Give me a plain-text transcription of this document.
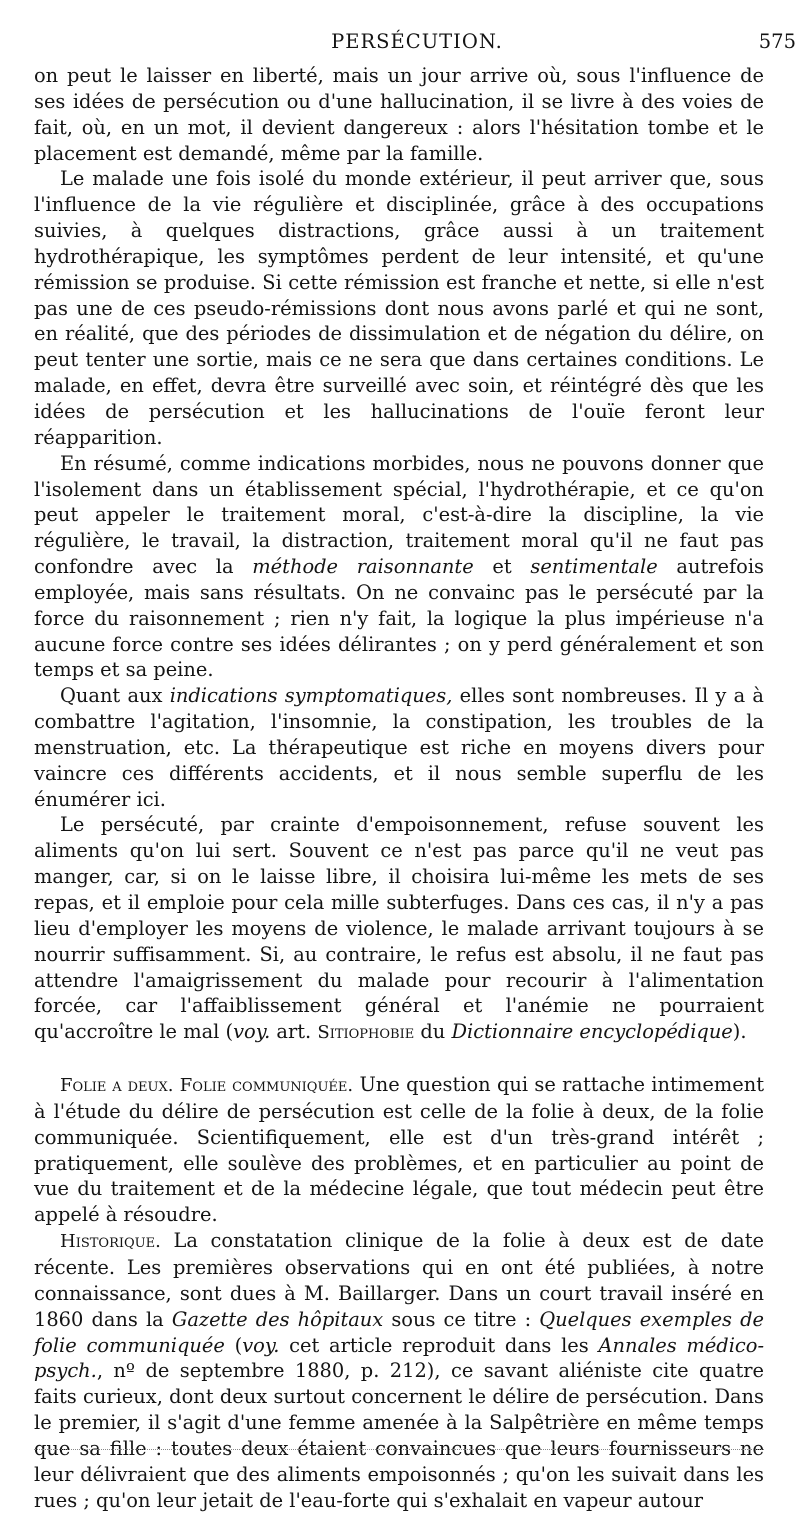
PERSÉCUTION.	575

on peut le laisser en liberté, mais un jour arrive où, sous l'influence de ses idées de persécution ou d'une hallucination, il se livre à des voies de fait, où, en un mot, il devient dangereux : alors l'hésitation tombe et le placement est demandé, même par la famille.

Le malade une fois isolé du monde extérieur, il peut arriver que, sous l'influence de la vie régulière et disciplinée, grâce à des occupations suivies, à quelques distractions, grâce aussi à un traitement hydrothérapique, les symptômes perdent de leur intensité, et qu'une rémission se produise. Si cette rémission est franche et nette, si elle n'est pas une de ces pseudo-rémissions dont nous avons parlé et qui ne sont, en réalité, que des périodes de dissimulation et de négation du délire, on peut tenter une sortie, mais ce ne sera que dans certaines conditions. Le malade, en effet, devra être surveillé avec soin, et réintégré dès que les idées de persécution et les hallucinations de l'ouïe feront leur réapparition.

En résumé, comme indications morbides, nous ne pouvons donner que l'isolement dans un établissement spécial, l'hydrothérapie, et ce qu'on peut appeler le traitement moral, c'est-à-dire la discipline, la vie régulière, le travail, la distraction, traitement moral qu'il ne faut pas confondre avec la méthode raisonnante et sentimentale autrefois employée, mais sans résultats. On ne convainc pas le persécuté par la force du raisonnement ; rien n'y fait, la logique la plus impérieuse n'a aucune force contre ses idées délirantes ; on y perd généralement et son temps et sa peine.

Quant aux indications symptomatiques, elles sont nombreuses. Il y a à combattre l'agitation, l'insomnie, la constipation, les troubles de la menstruation, etc. La thérapeutique est riche en moyens divers pour vaincre ces différents accidents, et il nous semble superflu de les énumérer ici.

Le persécuté, par crainte d'empoisonnement, refuse souvent les aliments qu'on lui sert. Souvent ce n'est pas parce qu'il ne veut pas manger, car, si on le laisse libre, il choisira lui-même les mets de ses repas, et il emploie pour cela mille subterfuges. Dans ces cas, il n'y a pas lieu d'employer les moyens de violence, le malade arrivant toujours à se nourrir suffisamment. Si, au contraire, le refus est absolu, il ne faut pas attendre l'amaigrissement du malade pour recourir à l'alimentation forcée, car l'affaiblissement général et l'anémie ne pourraient qu'accroître le mal (voy. art. Sitiophobie du Dictionnaire encyclopédique).

Folie a deux. Folie communiquée. Une question qui se rattache intimement à l'étude du délire de persécution est celle de la folie à deux, de la folie communiquée. Scientifiquement, elle est d'un très-grand intérêt ; pratiquement, elle soulève des problèmes, et en particulier au point de vue du traitement et de la médecine légale, que tout médecin peut être appelé à résoudre.

Historique. La constatation clinique de la folie à deux est de date récente. Les premières observations qui en ont été publiées, à notre connaissance, sont dues à M. Baillarger. Dans un court travail inséré en 1860 dans la Gazette des hôpitaux sous ce titre : Quelques exemples de folie communiquée (voy. cet article reproduit dans les Annales médico-psych., nº de septembre 1880, p. 212), ce savant aliéniste cite quatre faits curieux, dont deux surtout concernent le délire de persécution. Dans le premier, il s'agit d'une femme amenée à la Salpêtrière en même temps que sa fille : toutes deux étaient convaincues que leurs fournisseurs ne leur délivraient que des aliments empoisonnés ; qu'on les suivait dans les rues ; qu'on leur jetait de l'eau-forte qui s'exhalait en vapeur autour
